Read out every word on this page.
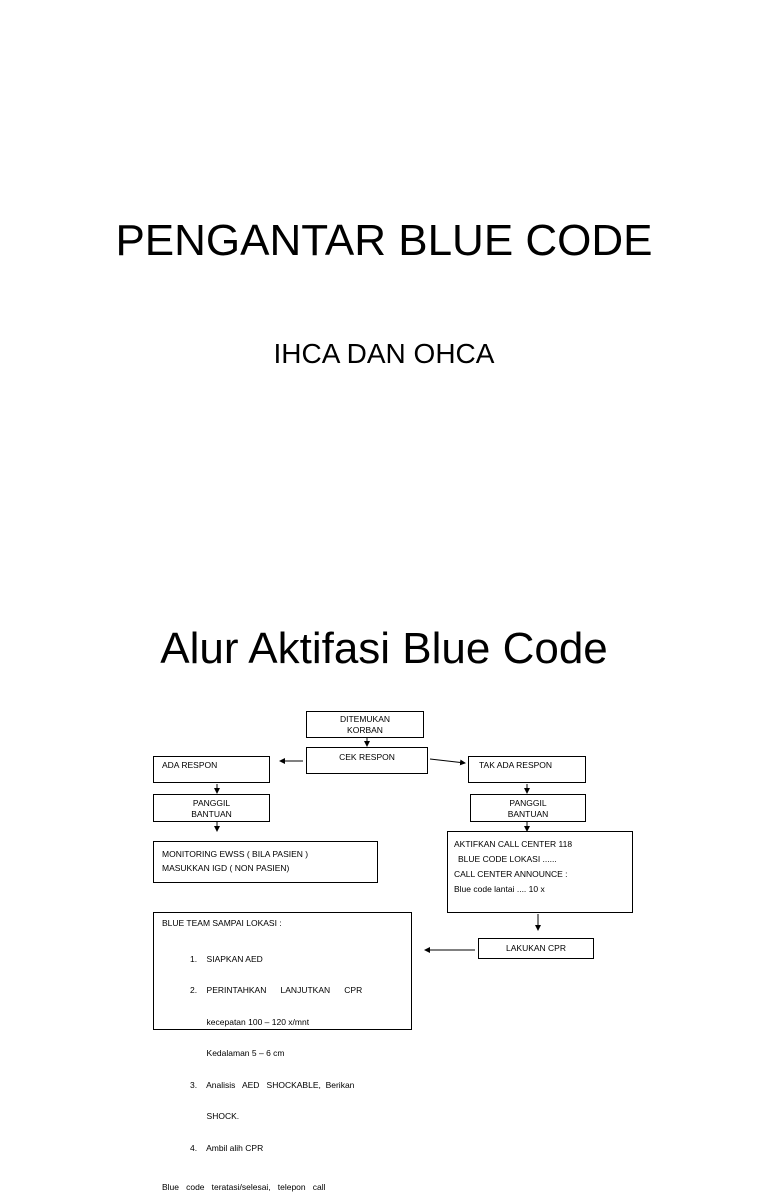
PENGANTAR BLUE CODE
IHCA DAN OHCA
Alur Aktifasi Blue Code
DITEMUKAN
KORBAN
CEK RESPON
ADA RESPON	TAK ADA RESPON
PANGGIL
BANTUAN
PANGGIL
BANTUAN
MONITORING EWSS ( BILA PASIEN )
MASUKKAN IGD ( NON PASIEN)
AKTIFKAN CALL CENTER 118
BLUE CODE LOKASI ......
CALL CENTER ANNOUNCE :
Blue code lantai .... 10 x
LAKUKAN CPR
BLUE TEAM SAMPAI LOKASI :

1.    SIAPKAN AED

2.    PERINTAHKAN      LANJUTKAN      CPR

kecepatan 100 – 120 x/mnt

Kedalaman 5 – 6 cm

3.    Analisis   AED   SHOCKABLE,  Berikan

SHOCK.

4.    Ambil alih CPR

Blue   code   teratasi/selesai,   telepon   call
